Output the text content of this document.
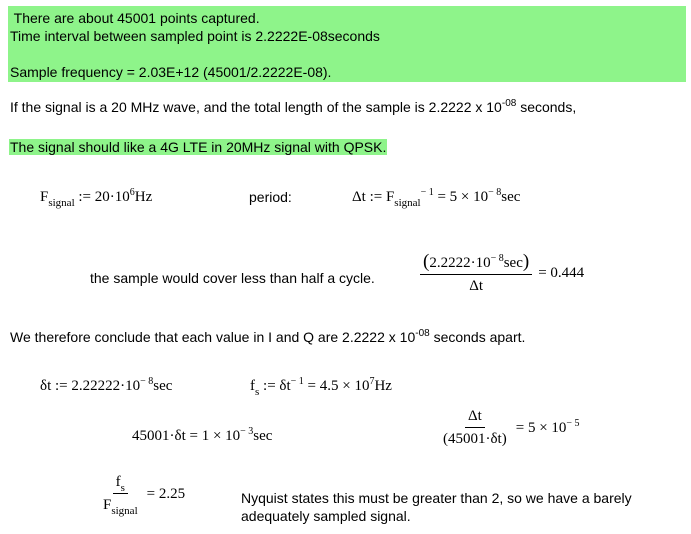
There are about 45001 points captured.
Time interval between sampled point is 2.2222E-08seconds
Sample frequency = 2.03E+12 (45001/2.2222E-08).
If the signal is a 20 MHz wave, and the total length of the sample is 2.2222 x $10^{-08}$ seconds,
The signal should like a 4G LTE in 20MHz signal with QPSK.
$F_{signal}$ := $20\cdot 10^6Hz$	period:	Δt := $F_{signal}^{- 1} = 5 \times 10^{- 8}\sec$
the sample would cover less than half a cycle. $\frac{(2.2222\cdot 10^{- 8}\sec)}{\Delta t} = 0.444$
We therefore conclude that each value in I and Q are 2.2222 x $10^{-08}$ seconds apart.
δt := $2.22222\cdot 10^{- 8}\sec$	$f_s$ := $\delta t^{- 1} = 4.5 \times 10^7Hz$
$45001\cdot\delta t = 1 \times 10^{- 3}\sec$	$\frac{\Delta t}{(45001\cdot\delta t)} = 5 \times 10^{- 5}$
$\frac{f_s}{F_{signal}} = 2.25$	Nyquist states this must be greater than 2, so we have a barely
adequately sampled signal.
